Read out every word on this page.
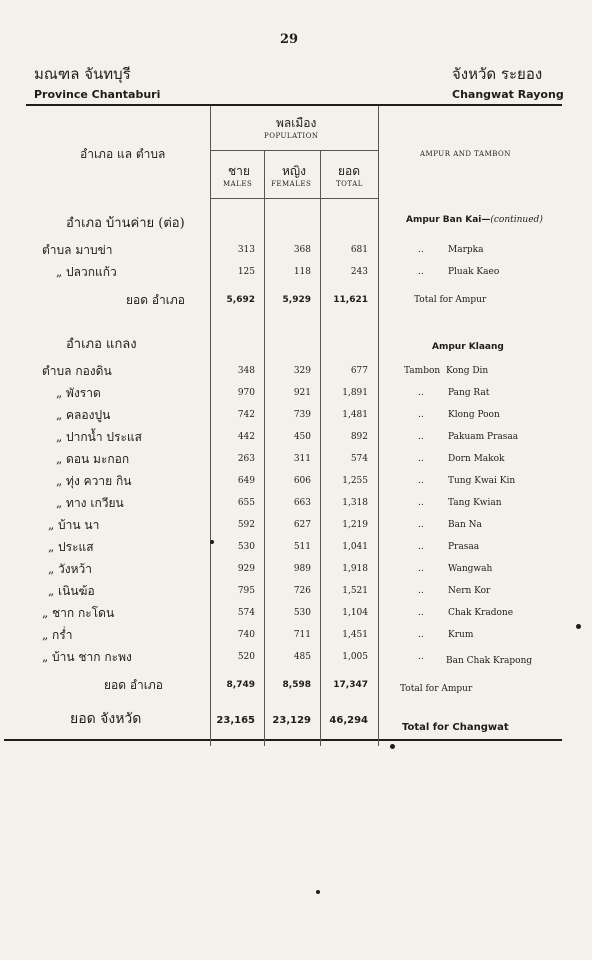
29
มณฑล จันทบุรี
Province Chantaburi
จังหวัด ระยอง
Changwat Rayong
อำเภอ แล ตำบล
พลเมือง
POPULATION
ชาย
MALES
หญิง
FEMALES
ยอด
TOTAL
AMPUR AND TAMBON
อำเภอ บ้านค่าย (ต่อ)	Ampur Ban Kai—(continued)
ตำบล มาบข่า	313	368	681	..	Marpka
„ ปลวกแก้ว	125	118	243	..	Pluak Kaeo
ยอด อำเภอ	5,692	5,929	11,621	Total for Ampur
อำเภอ แกลง	Ampur Klaang
ตำบล กองดิน	348	329	677	Tambon Kong Din
„ พังราด	970	921	1,891	..	Pang Rat
„ คลองปูน	742	739	1,481	..	Klong Poon
„ ปากน้ำ ประแส	442	450	892	..	Pakuam Prasaa
„ ดอน มะกอก	263	311	574	..	Dorn Makok
„ ทุ่ง ควาย กิน	649	606	1,255	..	Tung Kwai Kin
„ ทาง เกวียน	655	663	1,318	..	Tang Kwian
„ บ้าน นา	592	627	1,219	..	Ban Na
„ ประแส	530	511	1,041	..	Prasaa
„ วังหว้า	929	989	1,918	..	Wangwah
„ เนินฆ้อ	795	726	1,521	..	Nern Kor
„ ชาก กะโดน	574	530	1,104	..	Chak Kradone
„ กร่ำ	740	711	1,451	..	Krum
„ บ้าน ชาก กะพง	520	485	1,005	.. Ban Chak Krapong
ยอด อำเภอ	8,749	8,598	17,347	Total for Ampur
ยอด จังหวัด	23,165	23,129	46,294
Total for Changwat
